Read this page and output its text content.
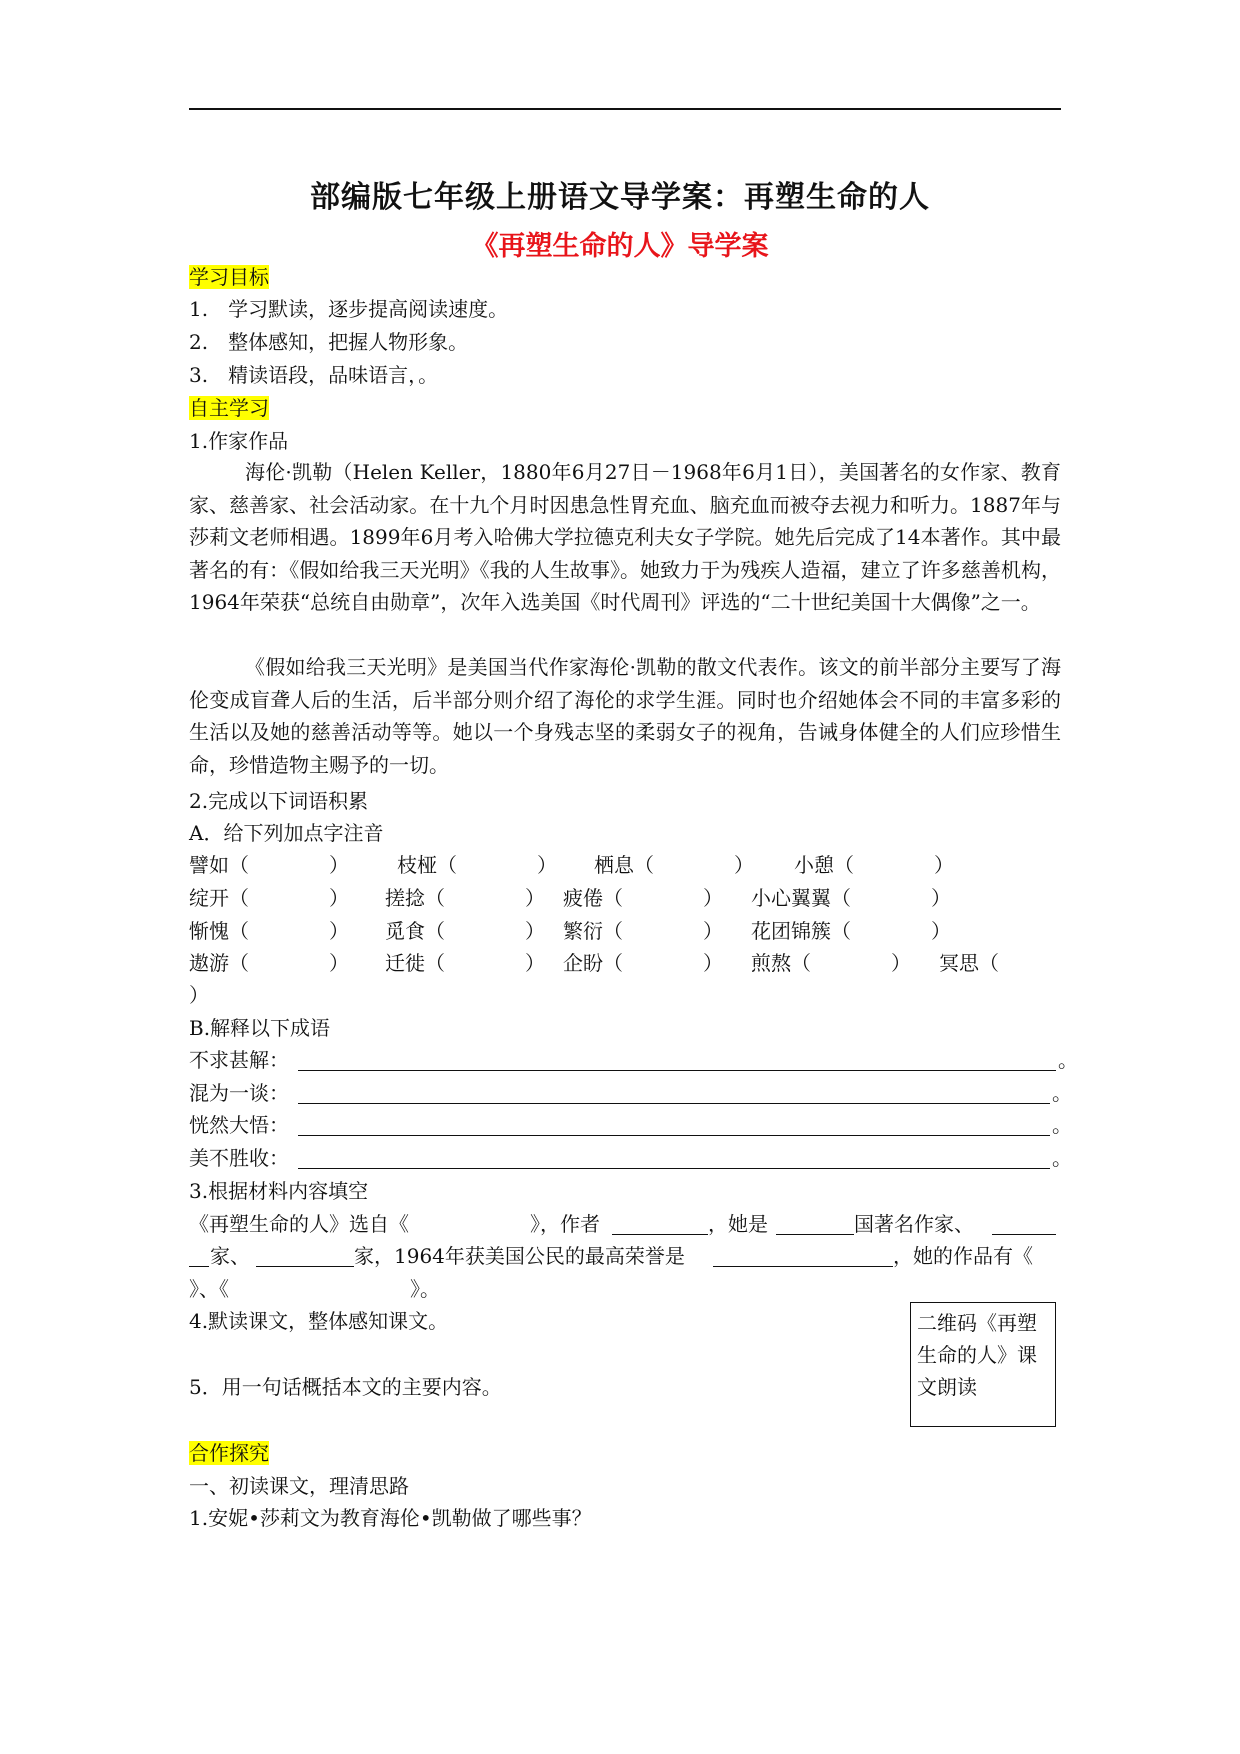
部编版七年级上册语文导学案：再塑生命的人
《再塑生命的人》导学案
学习目标
1.　学习默读，逐步提高阅读速度。
2.　整体感知，把握人物形象。
3.　精读语段，品味语言，。
自主学习
1.作家作品
海伦·凯勒（Helen Keller，1880年6月27日－1968年6月1日），美国著名的女作家、教育家、慈善家、社会活动家。在十九个月时因患急性胃充血、脑充血而被夺去视力和听力。1887年与莎莉文老师相遇。1899年6月考入哈佛大学拉德克利夫女子学院。她先后完成了14本著作。其中最著名的有：《假如给我三天光明》《我的人生故事》。她致力于为残疾人造福，建立了许多慈善机构，1964年荣获“总统自由勋章”，次年入选美国《时代周刊》评选的“二十世纪美国十大偶像”之一。
《假如给我三天光明》是美国当代作家海伦·凯勒的散文代表作。该文的前半部分主要写了海伦变成盲聋人后的生活，后半部分则介绍了海伦的求学生涯。同时也介绍她体会不同的丰富多彩的生活以及她的慈善活动等等。她以一个身残志坚的柔弱女子的视角，告诫身体健全的人们应珍惜生命，珍惜造物主赐予的一切。
2.完成以下词语积累
A．给下列加点字注音
譬如（　　　　） 枝桠（　　　　） 栖息（　　　　） 小憩（　　　　）
绽开（　　　　） 搓捻（　　　　） 疲倦（　　　　） 小心翼翼（　　　　）
惭愧（　　　　） 觅食（　　　　） 繁衍（　　　　） 花团锦簇（　　　　）
遨游（　　　　） 迁徙（　　　　） 企盼（　　　　） 煎熬（　　　　） 冥思（
）
B.解释以下成语
不求甚解：	。
混为一谈：	。
恍然大悟：	。
美不胜收：	。
3.根据材料内容填空
《再塑生命的人》选自《	》，作者	，她是	国著名作家、
家、	家，1964年获美国公民的最高荣誉是	，她的作品有《
》、《	》。
4.默读课文，整体感知课文。
5．用一句话概括本文的主要内容。
二维码《再塑生命的人》课文朗读
合作探究
一、初读课文，理清思路
1.安妮•莎莉文为教育海伦•凯勒做了哪些事？
